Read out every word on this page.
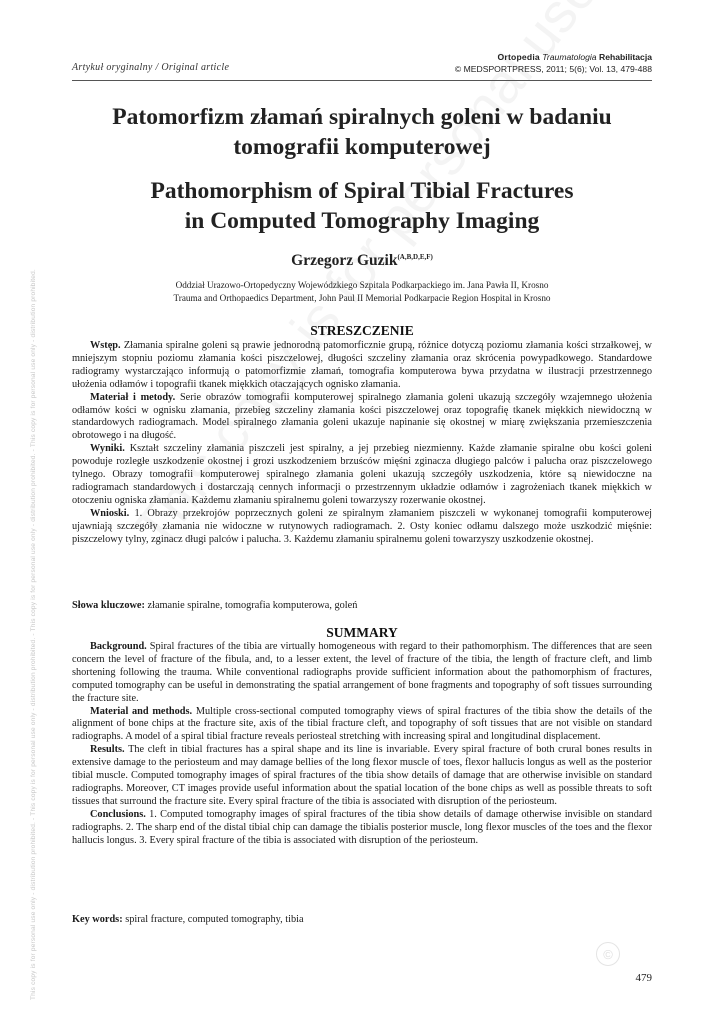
This copy is for personal use only - distribution prohibited. - This copy is for personal use only - distribution prohibited. - This copy is for personal use only - distribution prohibited. - This copy is for personal use only - distribution prohibited.	©
Artykuł oryginalny / Original article
Ortopedia Traumatologia Rehabilitacja
© MEDSPORTPRESS, 2011; 5(6); Vol. 13, 479-488
Patomorfizm złamań spiralnych goleni w badaniu
tomografii komputerowej
Pathomorphism of Spiral Tibial Fractures
in Computed Tomography Imaging
Grzegorz Guzik$^{(A,B,D,E,F)}$
Oddział Urazowo-Ortopedyczny Wojewódzkiego Szpitala Podkarpackiego im. Jana Pawła II, Krosno
Trauma and Orthopaedics Department, John Paul II Memorial Podkarpacie Region Hospital in Krosno
STRESZCZENIE

Wstęp. Złamania spiralne goleni są prawie jednorodną patomorficznie grupą, różnice dotyczą poziomu złamania kości strzałkowej, w mniejszym stopniu poziomu złamania kości piszczelowej, długości szczeliny złamania oraz skrócenia powypadkowego. Standardowe radiogramy wystarczająco informują o patomorfizmie złamań, tomografia komputerowa bywa przydatna w ilustracji przestrzennego ułożenia odłamów i topografii tkanek miękkich otaczających ognisko złamania.

Materiał i metody. Serie obrazów tomografii komputerowej spiralnego złamania goleni ukazują szczegóły wzajemnego ułożenia odłamów kości w ognisku złamania, przebieg szczeliny złamania kości piszczelowej oraz topografię tkanek miękkich niewidoczną w standardowych radiogramach. Model spiralnego złamania goleni ukazuje napinanie się okostnej w miarę zwiększania przemieszczenia obrotowego i na długość.

Wyniki. Kształt szczeliny złamania piszczeli jest spiralny, a jej przebieg niezmienny. Każde złamanie spiralne obu kości goleni powoduje rozległe uszkodzenie okostnej i grozi uszkodzeniem brzuśców mięśni zginacza długiego palców i palucha oraz piszczelowego tylnego. Obrazy tomografii komputerowej spiralnego złamania goleni ukazują szczegóły uszkodzenia, które są niewidoczne na radiogramach standardowych i dostarczają cennych informacji o przestrzennym układzie odłamów i zagrożeniach tkanek miękkich w otoczeniu ogniska złamania. Każdemu złamaniu spiralnemu goleni towarzyszy rozerwanie okostnej.

Wnioski. 1. Obrazy przekrojów poprzecznych goleni ze spiralnym złamaniem piszczeli w wykonanej tomografii komputerowej ujawniają szczegóły złamania nie widoczne w rutynowych radiogramach. 2. Osty koniec odłamu dalszego może uszkodzić mięśnie: piszczelowy tylny, zginacz długi palców i palucha. 3. Każdemu złamaniu spiralnemu goleni towarzyszy uszkodzenie okostnej.

Słowa kluczowe: złamanie spiralne, tomografia komputerowa, goleń
SUMMARY

Background. Spiral fractures of the tibia are virtually homogeneous with regard to their pathomorphism. The differences that are seen concern the level of fracture of the fibula, and, to a lesser extent, the level of fracture of the tibia, the length of fracture cleft, and limb shortening following the trauma. While conventional radiographs provide sufficient information about the pathomorphism of fractures, computed tomography can be useful in demonstrating the spatial arrangement of bone fragments and topography of soft tissues surrounding the fracture site.

Material and methods. Multiple cross-sectional computed tomography views of spiral fractures of the tibia show the details of the alignment of bone chips at the fracture site, axis of the tibial fracture cleft, and topography of soft tissues that are not visible on standard radiographs. A model of a spiral tibial fracture reveals periosteal stretching with increasing spiral and longitudinal displacement.

Results. The cleft in tibial fractures has a spiral shape and its line is invariable. Every spiral fracture of both crural bones results in extensive damage to the periosteum and may damage bellies of the long flexor muscle of toes, flexor hallucis longus as well as the posterior tibial muscle. Computed tomography images of spiral fractures of the tibia show details of damage that are otherwise invisible on standard radiographs. Moreover, CT images provide useful information about the spatial location of the bone chips as well as possible threats to soft tissues that surround the fracture site. Every spiral fracture of the tibia is associated with disruption of the periosteum.

Conclusions. 1. Computed tomography images of spiral fractures of the tibia show details of damage otherwise invisible on standard radiographs. 2. The sharp end of the distal tibial chip can damage the tibialis posterior muscle, long flexor muscles of the toes and the flexor hallucis longus. 3. Every spiral fracture of the tibia is associated with disruption of the periosteum.

Key words: spiral fracture, computed tomography, tibia
479
